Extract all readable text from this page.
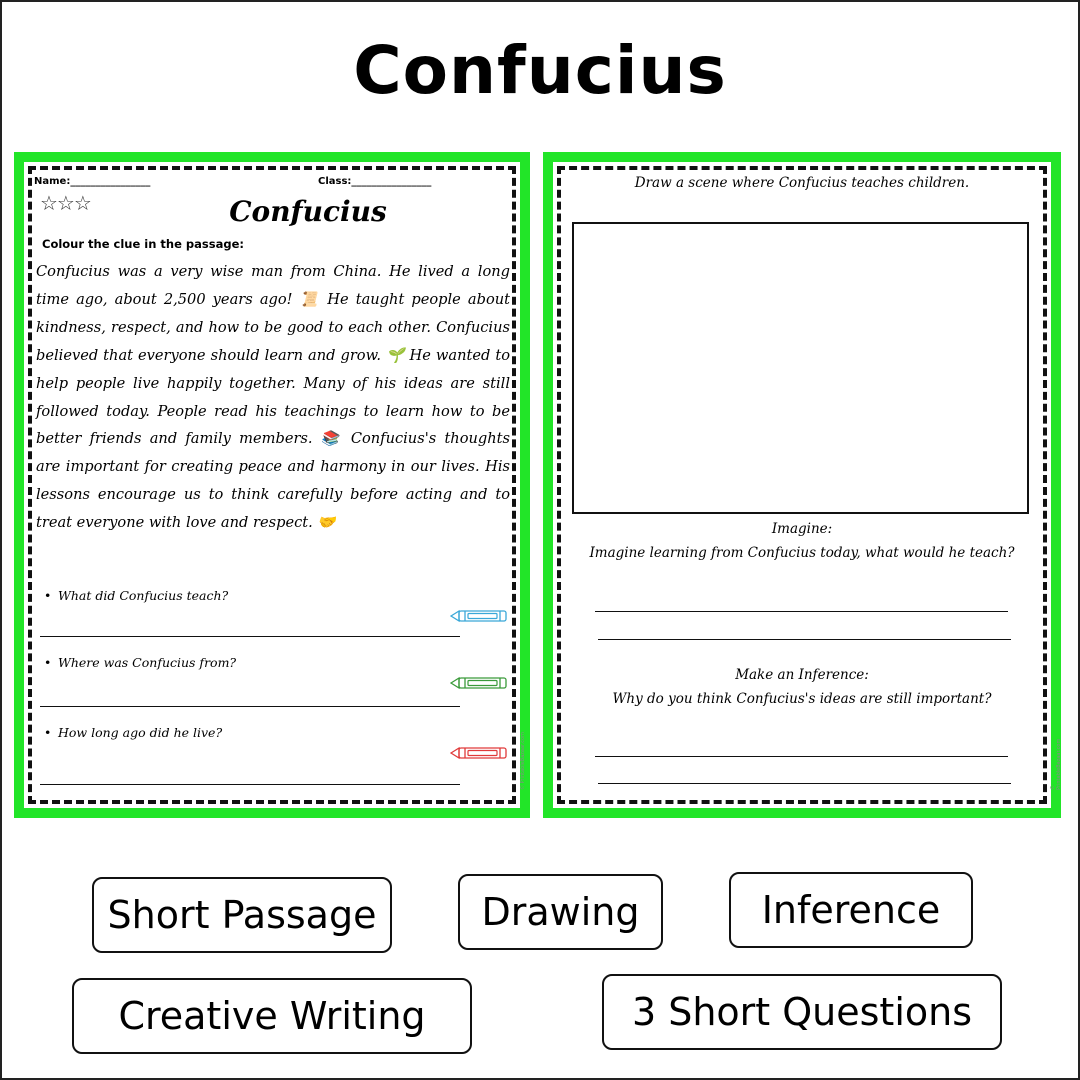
Confucius
Name:________________	Class:________________
☆☆☆	Confucius
Colour the clue in the passage:
Confucius was a very wise man from China. He lived a long time ago, about 2,500 years ago! 📜 He taught people about kindness, respect, and how to be good to each other. Confucius believed that everyone should learn and grow. 🌱 He wanted to help people live happily together. Many of his ideas are still followed today. People read his teachings to learn how to be better friends and family members. 📚 Confucius's thoughts are important for creating peace and harmony in our lives. His lessons encourage us to think carefully before acting and to treat everyone with love and respect. 🤝
• What did Confucius teach?
• Where was Confucius from?
• How long ago did he live?	© PrintableBazaar.com
Draw a scene where Confucius teaches children.
Imagine:
Imagine learning from Confucius today, what would he teach?
Make an Inference:
Why do you think Confucius's ideas are still important?
© PrintableBazaar.com
Short Passage	Drawing	Inference
Creative Writing	3 Short Questions
